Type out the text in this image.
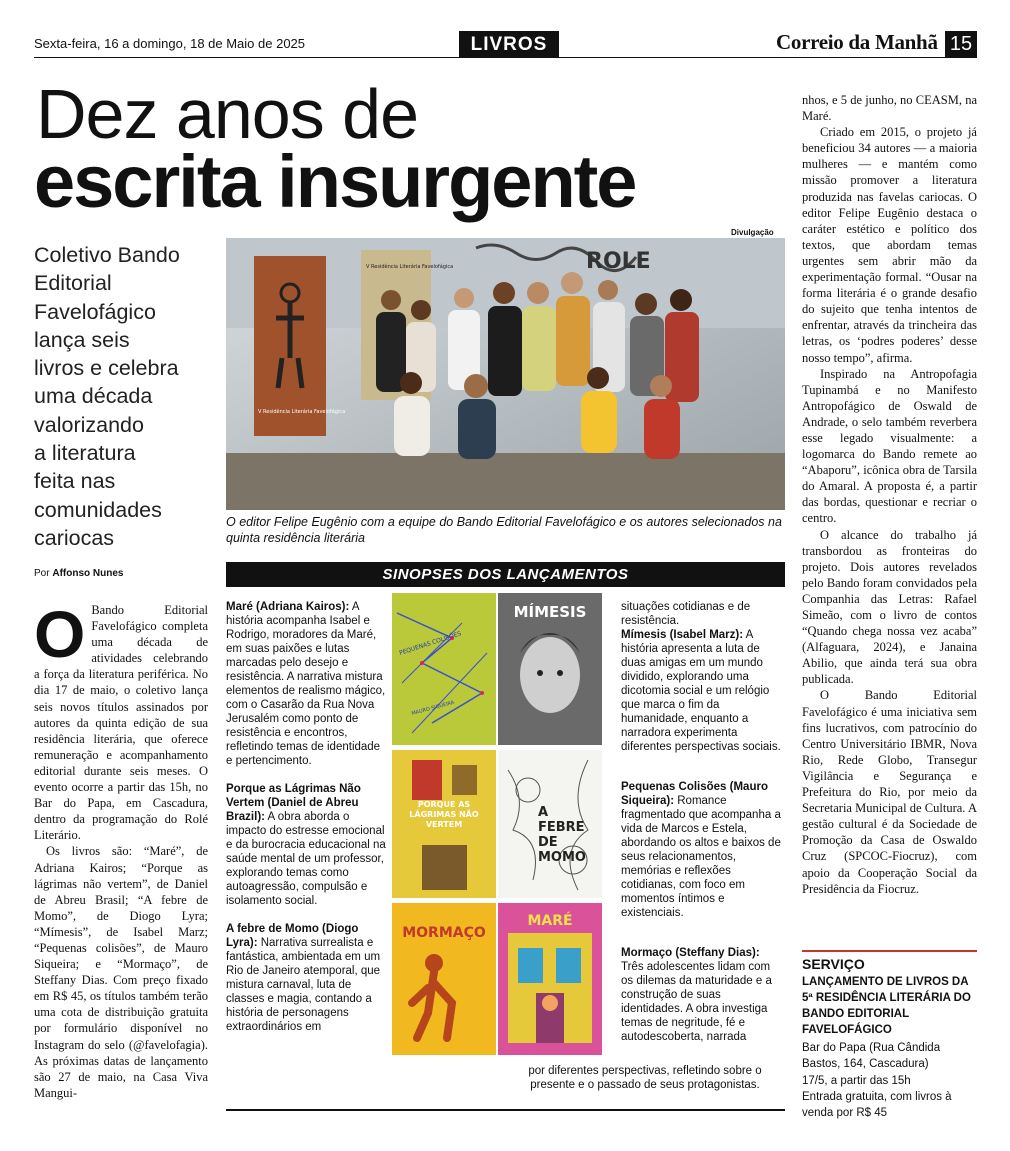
Sexta-feira, 16 a domingo, 18 de Maio de 2025	LIVROS	Correio da Manhã 15
Dez anos de
escrita insurgente
Coletivo Bando
Editorial
Favelofágico
lança seis
livros e celebra
uma década
valorizando
a literatura
feita nas
comunidades
cariocas
Por Affonso Nunes

O Bando Editorial Favelofágico completa uma década de atividades celebrando a força da literatura periférica. No dia 17 de maio, o coletivo lança seis novos títulos assinados por autores da quinta edição de sua residência literária, que oferece remuneração e acompanhamento editorial durante seis meses. O evento ocorre a partir das 15h, no Bar do Papa, em Cascadura, dentro da programação do Rolé Literário.

Os livros são: “Maré”, de Adriana Kairos; “Porque as lágrimas não vertem”, de Daniel de Abreu Brasil; “A febre de Momo”, de Diogo Lyra; “Mímesis”, de Isabel Marz; “Pequenas colisões”, de Mauro Siqueira; e “Mormaço”, de Steffany Dias. Com preço fixado em R$ 45, os títulos também terão uma cota de distribuição gratuita por formulário disponível no Instagram do selo (@favelofagia). As próximas datas de lançamento são 27 de maio, na Casa Viva Mangui-

nhos, e 5 de junho, no CEASM, na Maré.

Criado em 2015, o projeto já beneficiou 34 autores — a maioria mulheres — e mantém como missão promover a literatura produzida nas favelas cariocas. O editor Felipe Eugênio destaca o caráter estético e político dos textos, que abordam temas urgentes sem abrir mão da experimentação formal. “Ousar na forma literária é o grande desafio do sujeito que tenha intentos de enfrentar, através da trincheira das letras, os ‘podres poderes’ desse nosso tempo”, afirma.

Inspirado na Antropofagia Tupinambá e no Manifesto Antropofágico de Oswald de Andrade, o selo também reverbera esse legado visualmente: a logomarca do Bando remete ao “Abaporu”, icônica obra de Tarsila do Amaral. A proposta é, a partir das bordas, questionar e recriar o centro.

O alcance do trabalho já transbordou as fronteiras do projeto. Dois autores revelados pelo Bando foram convidados pela Companhia das Letras: Rafael Simeão, com o livro de contos “Quando chega nossa vez acaba” (Alfaguara, 2024), e Janaina Abilio, que ainda terá sua obra publicada.

O Bando Editorial Favelofágico é uma iniciativa sem fins lucrativos, com patrocínio do Centro Universitário IBMR, Nova Rio, Rede Globo, Transegur Vigilância e Segurança e Prefeitura do Rio, por meio da Secretaria Municipal de Cultura. A gestão cultural é da Sociedade de Promoção da Casa de Oswaldo Cruz (SPCOC-Fiocruz), com apoio da Cooperação Social da Presidência da Fiocruz.

Divulgação
ROLE
V Residência Literária Favelofágica
V Residência Literária Favelofágica
O editor Felipe Eugênio com a equipe do Bando Editorial Favelofágico e os autores selecionados na quinta residência literária
SINOPSES DOS LANÇAMENTOS

Maré (Adriana Kairos): A história acompanha Isabel e Rodrigo, moradores da Maré, em suas paixões e lutas marcadas pelo desejo e resistência. A narrativa mistura elementos de realismo mágico, com o Casarão da Rua Nova Jerusalém como ponto de resistência e encontros, refletindo temas de identidade e pertencimento.

Porque as Lágrimas Não Vertem (Daniel de Abreu Brazil): A obra aborda o impacto do estresse emocional e da burocracia educacional na saúde mental de um professor, explorando temas como autoagressão, compulsão e isolamento social.

A febre de Momo (Diogo Lyra): Narrativa surrealista e fantástica, ambientada em um Rio de Janeiro atemporal, que mistura carnaval, luta de classes e magia, contando a história de personagens extraordinários em

situações cotidianas e de resistência.

Mímesis (Isabel Marz): A história apresenta a luta de duas amigas em um mundo dividido, explorando uma dicotomia social e um relógio que marca o fim da humanidade, enquanto a narradora experimenta diferentes perspectivas sociais.

Pequenas Colisões (Mauro Siqueira): Romance fragmentado que acompanha a vida de Marcos e Estela, abordando os altos e baixos de seus relacionamentos, memórias e reflexões cotidianas, com foco em momentos íntimos e existenciais.

Mormaço (Steffany Dias): Três adolescentes lidam com os dilemas da maturidade e a construção de suas identidades. A obra investiga temas de negritude, fé e autodescoberta, narrada

por diferentes perspectivas, refletindo sobre o presente e o passado de seus protagonistas.
PEQUENAS COLISÕES
MAURO SIQUEIRA
MÍMESIS
PORQUE AS LÁGRIMAS NÃO VERTEM
A FEBRE DE MOMO
MORMAÇO
MARÉ
SERVIÇO
LANÇAMENTO DE LIVROS DA 5ª RESIDÊNCIA LITERÁRIA DO BANDO EDITORIAL FAVELOFÁGICO
Bar do Papa (Rua Cândida Bastos, 164, Cascadura)
17/5, a partir das 15h
Entrada gratuita, com livros à venda por R$ 45
